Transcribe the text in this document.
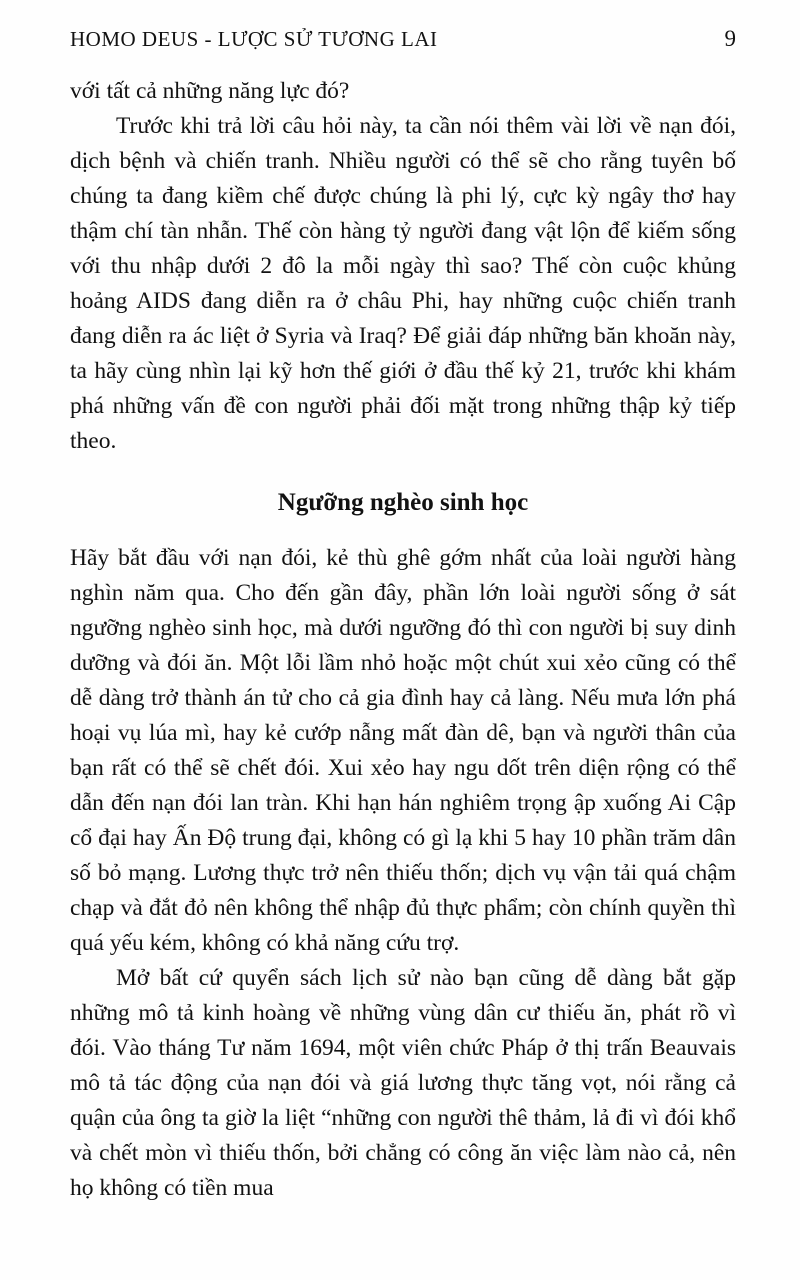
HOMO DEUS - LƯỢC SỬ TƯƠNG LAI	9

với tất cả những năng lực đó?

Trước khi trả lời câu hỏi này, ta cần nói thêm vài lời về nạn đói, dịch bệnh và chiến tranh. Nhiều người có thể sẽ cho rằng tuyên bố chúng ta đang kiềm chế được chúng là phi lý, cực kỳ ngây thơ hay thậm chí tàn nhẫn. Thế còn hàng tỷ người đang vật lộn để kiếm sống với thu nhập dưới 2 đô la mỗi ngày thì sao? Thế còn cuộc khủng hoảng AIDS đang diễn ra ở châu Phi, hay những cuộc chiến tranh đang diễn ra ác liệt ở Syria và Iraq? Để giải đáp những băn khoăn này, ta hãy cùng nhìn lại kỹ hơn thế giới ở đầu thế kỷ 21, trước khi khám phá những vấn đề con người phải đối mặt trong những thập kỷ tiếp theo.

Ngưỡng nghèo sinh học

Hãy bắt đầu với nạn đói, kẻ thù ghê gớm nhất của loài người hàng nghìn năm qua. Cho đến gần đây, phần lớn loài người sống ở sát ngưỡng nghèo sinh học, mà dưới ngưỡng đó thì con người bị suy dinh dưỡng và đói ăn. Một lỗi lầm nhỏ hoặc một chút xui xẻo cũng có thể dễ dàng trở thành án tử cho cả gia đình hay cả làng. Nếu mưa lớn phá hoại vụ lúa mì, hay kẻ cướp nẫng mất đàn dê, bạn và người thân của bạn rất có thể sẽ chết đói. Xui xẻo hay ngu dốt trên diện rộng có thể dẫn đến nạn đói lan tràn. Khi hạn hán nghiêm trọng ập xuống Ai Cập cổ đại hay Ấn Độ trung đại, không có gì lạ khi 5 hay 10 phần trăm dân số bỏ mạng. Lương thực trở nên thiếu thốn; dịch vụ vận tải quá chậm chạp và đắt đỏ nên không thể nhập đủ thực phẩm; còn chính quyền thì quá yếu kém, không có khả năng cứu trợ.

Mở bất cứ quyển sách lịch sử nào bạn cũng dễ dàng bắt gặp những mô tả kinh hoàng về những vùng dân cư thiếu ăn, phát rồ vì đói. Vào tháng Tư năm 1694, một viên chức Pháp ở thị trấn Beauvais mô tả tác động của nạn đói và giá lương thực tăng vọt, nói rằng cả quận của ông ta giờ la liệt “những con người thê thảm, lả đi vì đói khổ và chết mòn vì thiếu thốn, bởi chẳng có công ăn việc làm nào cả, nên họ không có tiền mua
